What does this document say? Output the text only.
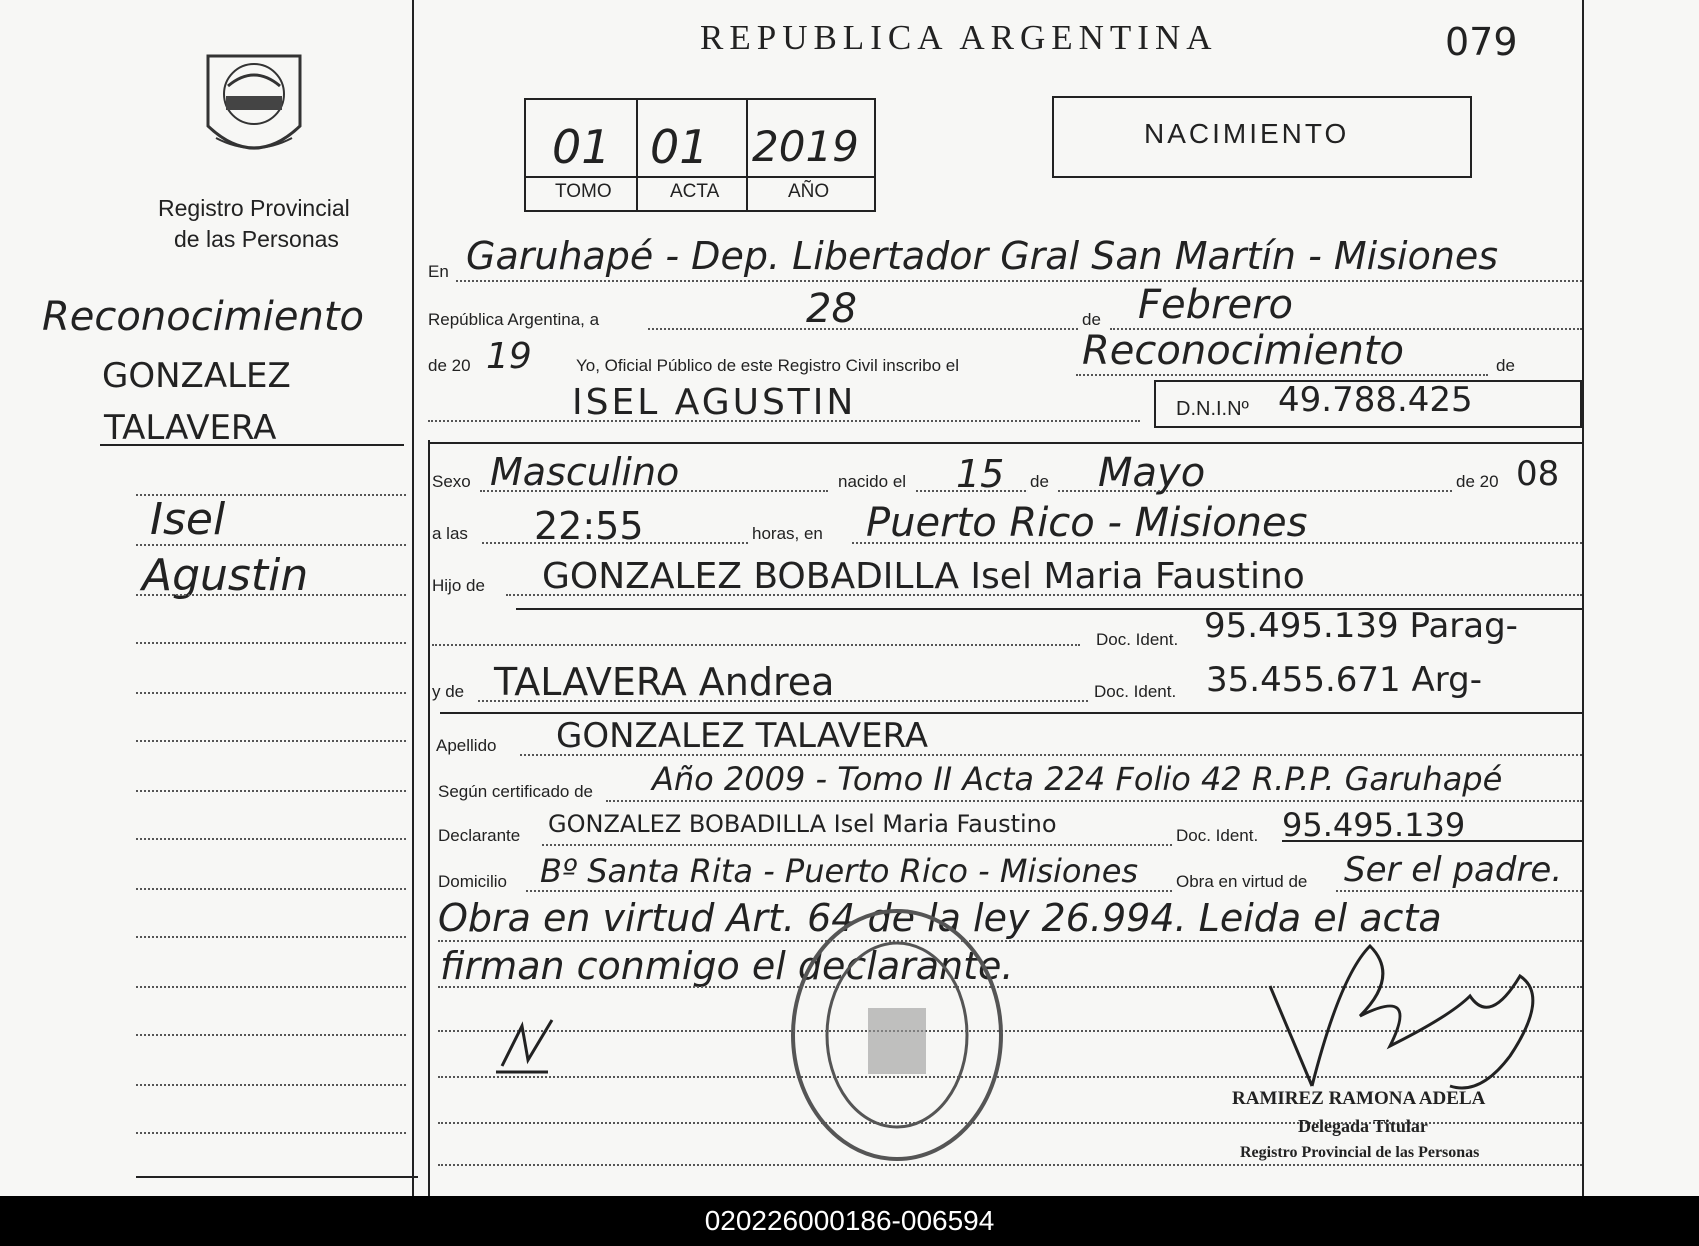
Registro Provincial
de las Personas
REPUBLICA ARGENTINA	079
01 01 2019
TOMO	ACTA	AÑO
NACIMIENTO
Reconocimiento
GONZALEZ
TALAVERA
Isel
Agustin
En Garuhapé - Dep. Libertador Gral San Martín - Misiones
República Argentina, a	28	de Febrero
de 20 19	Yo, Oficial Público de este Registro Civil inscribo el	Reconocimiento	de
ISEL AGUSTIN	D.N.I.Nº 49.788.425
Sexo Masculino	nacido el 15 de Mayo	de 20 08
a las 22:55	horas, en Puerto Rico - Misiones
Hijo de GONZALEZ BOBADILLA Isel Maria Faustino
Doc. Ident. 95.495.139 Parag-
y de TALAVERA Andrea	Doc. Ident. 35.455.671 Arg-
Apellido GONZALEZ TALAVERA
Según certificado de Año 2009 - Tomo II Acta 224 Folio 42 R.P.P. Garuhapé
Declarante GONZALEZ BOBADILLA Isel Maria Faustino	Doc. Ident. 95.495.139
Domicilio Bº Santa Rita - Puerto Rico - Misiones Obra en virtud de Ser el padre.
Obra en virtud Art. 64 de la ley 26.994. Leida el acta
firman conmigo el declarante.
RAMIREZ RAMONA ADELA
Delegada Titular
Registro Provincial de las Personas
020226000186-006594
